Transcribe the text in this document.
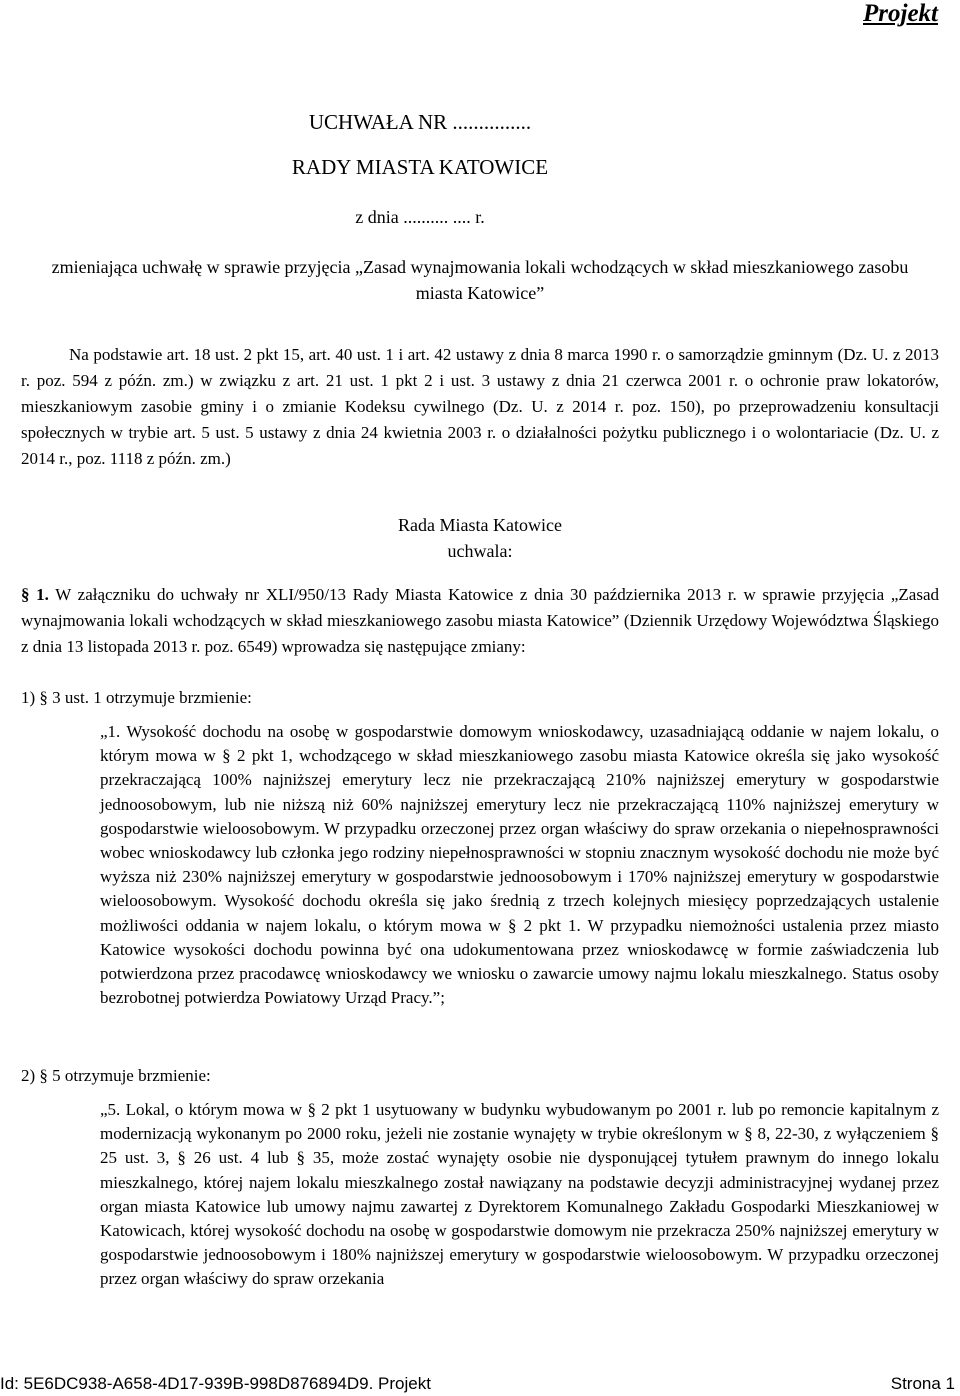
Projekt
UCHWAŁA NR ...............
RADY MIASTA KATOWICE
z dnia .......... .... r.
zmieniająca uchwałę w sprawie przyjęcia „Zasad wynajmowania lokali wchodzących w skład mieszkaniowego zasobu miasta Katowice”
Na podstawie art. 18 ust. 2 pkt 15, art. 40 ust. 1 i art. 42 ustawy z dnia 8 marca 1990 r. o samorządzie gminnym (Dz. U. z 2013 r. poz. 594 z późn. zm.) w związku z art. 21 ust. 1 pkt 2 i ust. 3 ustawy z dnia 21 czerwca 2001 r. o ochronie praw lokatorów, mieszkaniowym zasobie gminy i o zmianie Kodeksu cywilnego (Dz. U. z 2014 r. poz. 150), po przeprowadzeniu konsultacji społecznych w trybie art. 5 ust. 5 ustawy z dnia 24 kwietnia 2003 r. o działalności pożytku publicznego i o wolontariacie (Dz. U. z 2014 r., poz. 1118 z późn. zm.)
Rada Miasta Katowice
uchwala:
§ 1. W załączniku do uchwały nr XLI/950/13 Rady Miasta Katowice z dnia 30 października 2013 r. w sprawie przyjęcia „Zasad wynajmowania lokali wchodzących w skład mieszkaniowego zasobu miasta Katowice” (Dziennik Urzędowy Województwa Śląskiego z dnia 13 listopada 2013 r. poz. 6549) wprowadza się następujące zmiany:
1) § 3 ust. 1 otrzymuje brzmienie:
„1. Wysokość dochodu na osobę w gospodarstwie domowym wnioskodawcy, uzasadniającą oddanie w najem lokalu, o którym mowa w § 2 pkt 1, wchodzącego w skład mieszkaniowego zasobu miasta Katowice określa się jako wysokość przekraczającą 100% najniższej emerytury lecz nie przekraczającą 210% najniższej emerytury w gospodarstwie jednoosobowym, lub nie niższą niż 60% najniższej emerytury lecz nie przekraczającą 110% najniższej emerytury w gospodarstwie wieloosobowym. W przypadku orzeczonej przez organ właściwy do spraw orzekania o niepełnosprawności wobec wnioskodawcy lub członka jego rodziny niepełnosprawności w stopniu znacznym wysokość dochodu nie może być wyższa niż 230% najniższej emerytury w gospodarstwie jednoosobowym i 170% najniższej emerytury w gospodarstwie wieloosobowym. Wysokość dochodu określa się jako średnią z trzech kolejnych miesięcy poprzedzających ustalenie możliwości oddania w najem lokalu, o którym mowa w § 2 pkt 1. W przypadku niemożności ustalenia przez miasto Katowice wysokości dochodu powinna być ona udokumentowana przez wnioskodawcę w formie zaświadczenia lub potwierdzona przez pracodawcę wnioskodawcy we wniosku o zawarcie umowy najmu lokalu mieszkalnego. Status osoby bezrobotnej potwierdza Powiatowy Urząd Pracy.”;
2) § 5 otrzymuje brzmienie:
„5. Lokal, o którym mowa w § 2 pkt 1 usytuowany w budynku wybudowanym po 2001 r. lub po remoncie kapitalnym z modernizacją wykonanym po 2000 roku, jeżeli nie zostanie wynajęty w trybie określonym w § 8, 22-30, z wyłączeniem § 25 ust. 3, § 26 ust. 4 lub § 35, może zostać wynajęty osobie nie dysponującej tytułem prawnym do innego lokalu mieszkalnego, której najem lokalu mieszkalnego został nawiązany na podstawie decyzji administracyjnej wydanej przez organ miasta Katowice lub umowy najmu zawartej z Dyrektorem Komunalnego Zakładu Gospodarki Mieszkaniowej w Katowicach, której wysokość dochodu na osobę w gospodarstwie domowym nie przekracza 250% najniższej emerytury w gospodarstwie jednoosobowym i 180% najniższej emerytury w gospodarstwie wieloosobowym. W przypadku orzeczonej przez organ właściwy do spraw orzekania
Id: 5E6DC938-A658-4D17-939B-998D876894D9. Projekt	Strona 1
